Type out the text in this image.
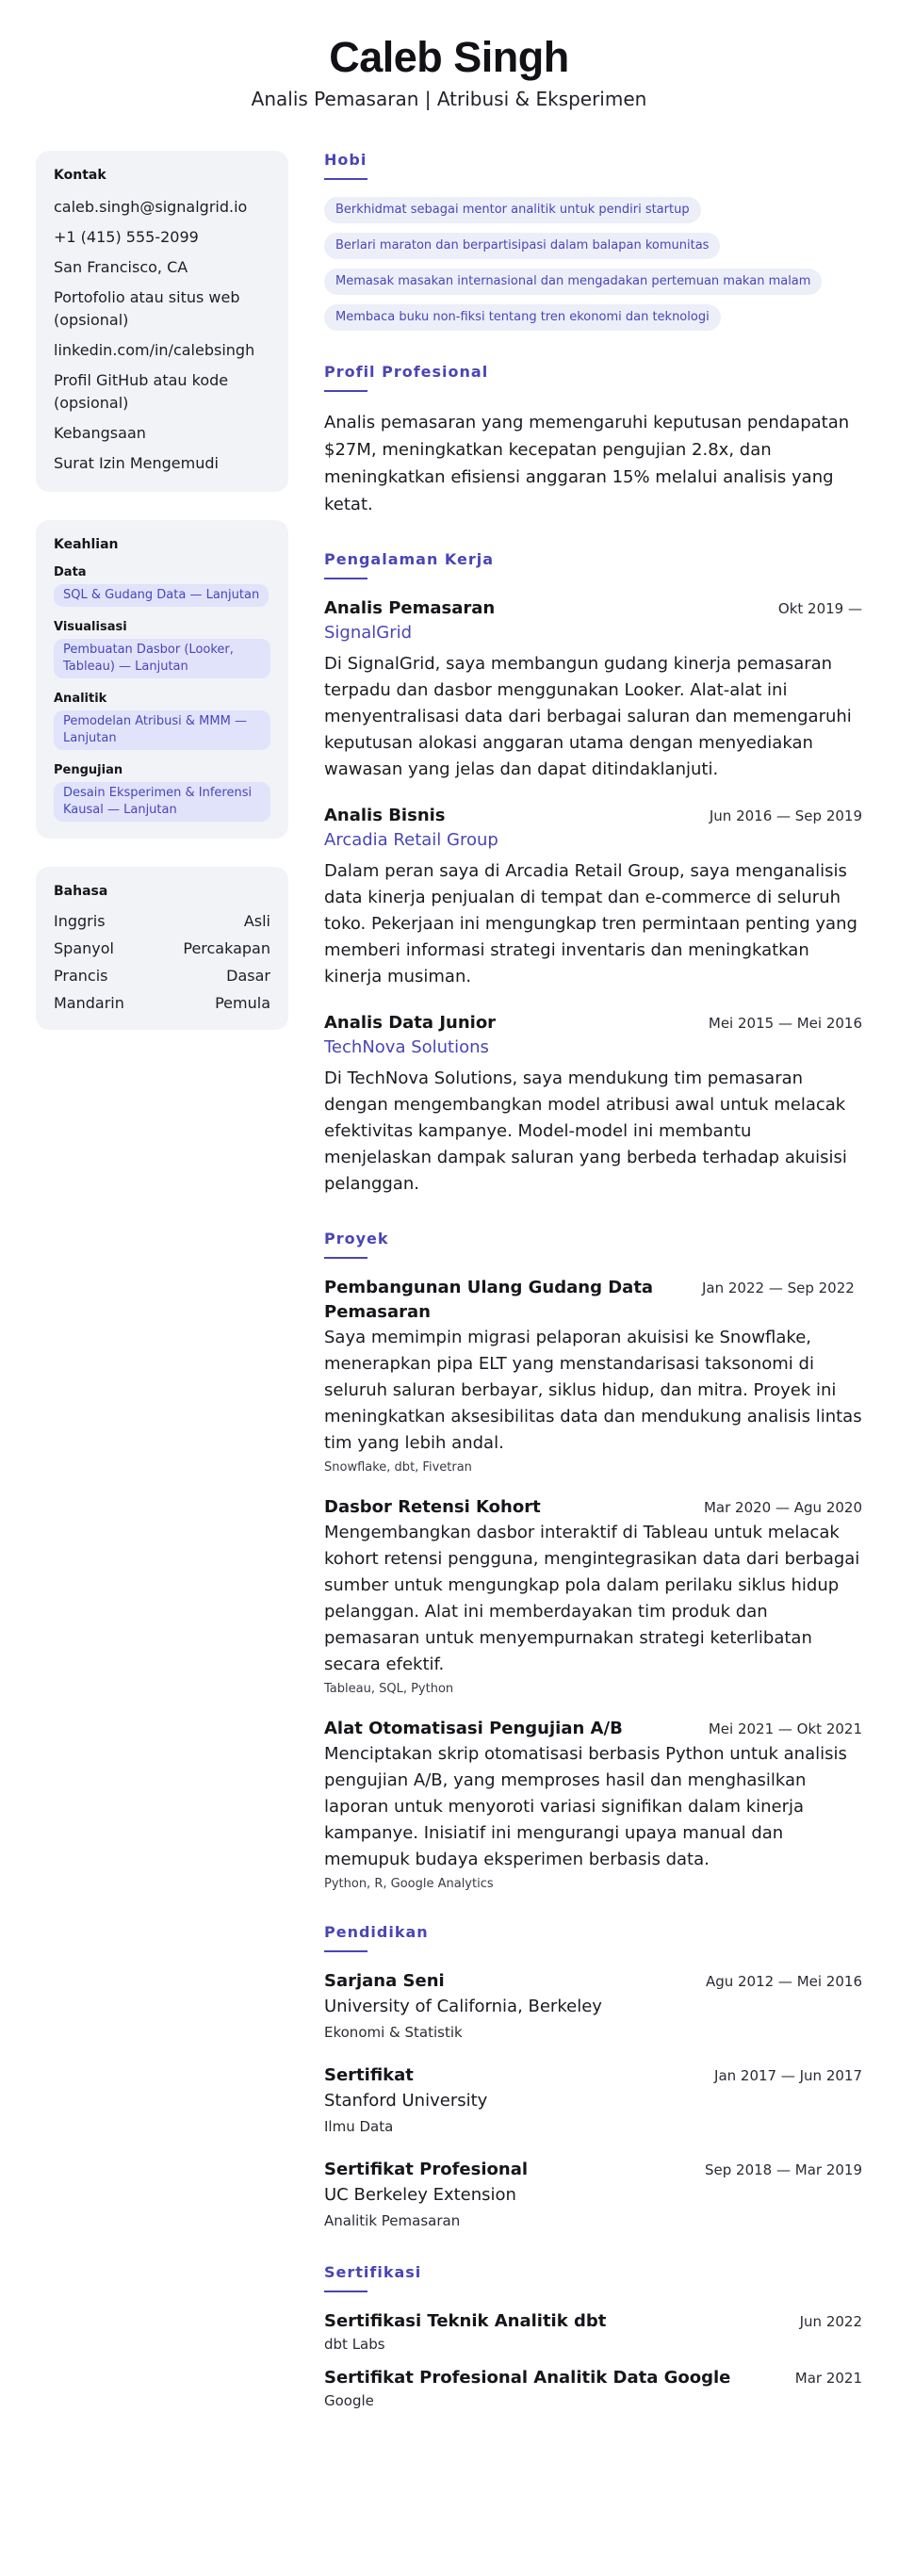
Caleb Singh
Analis Pemasaran | Atribusi & Eksperimen
Kontak
caleb.singh@signalgrid.io
+1 (415) 555-2099
San Francisco, CA
Portofolio atau situs web (opsional)
linkedin.com/in/calebsingh
Profil GitHub atau kode (opsional)
Kebangsaan
Surat Izin Mengemudi
Keahlian
Data
SQL & Gudang Data — Lanjutan
Visualisasi
Pembuatan Dasbor (Looker, Tableau) — Lanjutan
Analitik
Pemodelan Atribusi & MMM — Lanjutan
Pengujian
Desain Eksperimen & Inferensi Kausal — Lanjutan
Bahasa
Inggris	Asli
Spanyol	Percakapan
Prancis	Dasar
Mandarin	Pemula
Hobi
Berkhidmat sebagai mentor analitik untuk pendiri startup
Berlari maraton dan berpartisipasi dalam balapan komunitas
Memasak masakan internasional dan mengadakan pertemuan makan malam
Membaca buku non-fiksi tentang tren ekonomi dan teknologi
Profil Profesional
Analis pemasaran yang memengaruhi keputusan pendapatan $27M, meningkatkan kecepatan pengujian 2.8x, dan meningkatkan efisiensi anggaran 15% melalui analisis yang ketat.
Pengalaman Kerja
Analis Pemasaran	Okt 2019 —
SignalGrid
Di SignalGrid, saya membangun gudang kinerja pemasaran terpadu dan dasbor menggunakan Looker. Alat-alat ini menyentralisasi data dari berbagai saluran dan memengaruhi keputusan alokasi anggaran utama dengan menyediakan wawasan yang jelas dan dapat ditindaklanjuti.
Analis Bisnis	Jun 2016 — Sep 2019
Arcadia Retail Group
Dalam peran saya di Arcadia Retail Group, saya menganalisis data kinerja penjualan di tempat dan e-commerce di seluruh toko. Pekerjaan ini mengungkap tren permintaan penting yang memberi informasi strategi inventaris dan meningkatkan kinerja musiman.
Analis Data Junior	Mei 2015 — Mei 2016
TechNova Solutions
Di TechNova Solutions, saya mendukung tim pemasaran dengan mengembangkan model atribusi awal untuk melacak efektivitas kampanye. Model-model ini membantu menjelaskan dampak saluran yang berbeda terhadap akuisisi pelanggan.
Proyek
Pembangunan Ulang Gudang Data Pemasaran
Jan 2022 — Sep 2022
Saya memimpin migrasi pelaporan akuisisi ke Snowflake, menerapkan pipa ELT yang menstandarisasi taksonomi di seluruh saluran berbayar, siklus hidup, dan mitra. Proyek ini meningkatkan aksesibilitas data dan mendukung analisis lintas tim yang lebih andal.
Snowflake, dbt, Fivetran
Dasbor Retensi Kohort	Mar 2020 — Agu 2020
Mengembangkan dasbor interaktif di Tableau untuk melacak kohort retensi pengguna, mengintegrasikan data dari berbagai sumber untuk mengungkap pola dalam perilaku siklus hidup pelanggan. Alat ini memberdayakan tim produk dan pemasaran untuk menyempurnakan strategi keterlibatan secara efektif.
Tableau, SQL, Python
Alat Otomatisasi Pengujian A/B	Mei 2021 — Okt 2021
Menciptakan skrip otomatisasi berbasis Python untuk analisis pengujian A/B, yang memproses hasil dan menghasilkan laporan untuk menyoroti variasi signifikan dalam kinerja kampanye. Inisiatif ini mengurangi upaya manual dan memupuk budaya eksperimen berbasis data.
Python, R, Google Analytics
Pendidikan
Sarjana Seni	Agu 2012 — Mei 2016
University of California, Berkeley
Ekonomi & Statistik
Sertifikat	Jan 2017 — Jun 2017
Stanford University
Ilmu Data
Sertifikat Profesional	Sep 2018 — Mar 2019
UC Berkeley Extension
Analitik Pemasaran
Sertifikasi
Sertifikasi Teknik Analitik dbt	Jun 2022
dbt Labs
Sertifikat Profesional Analitik Data Google	Mar 2021
Google
